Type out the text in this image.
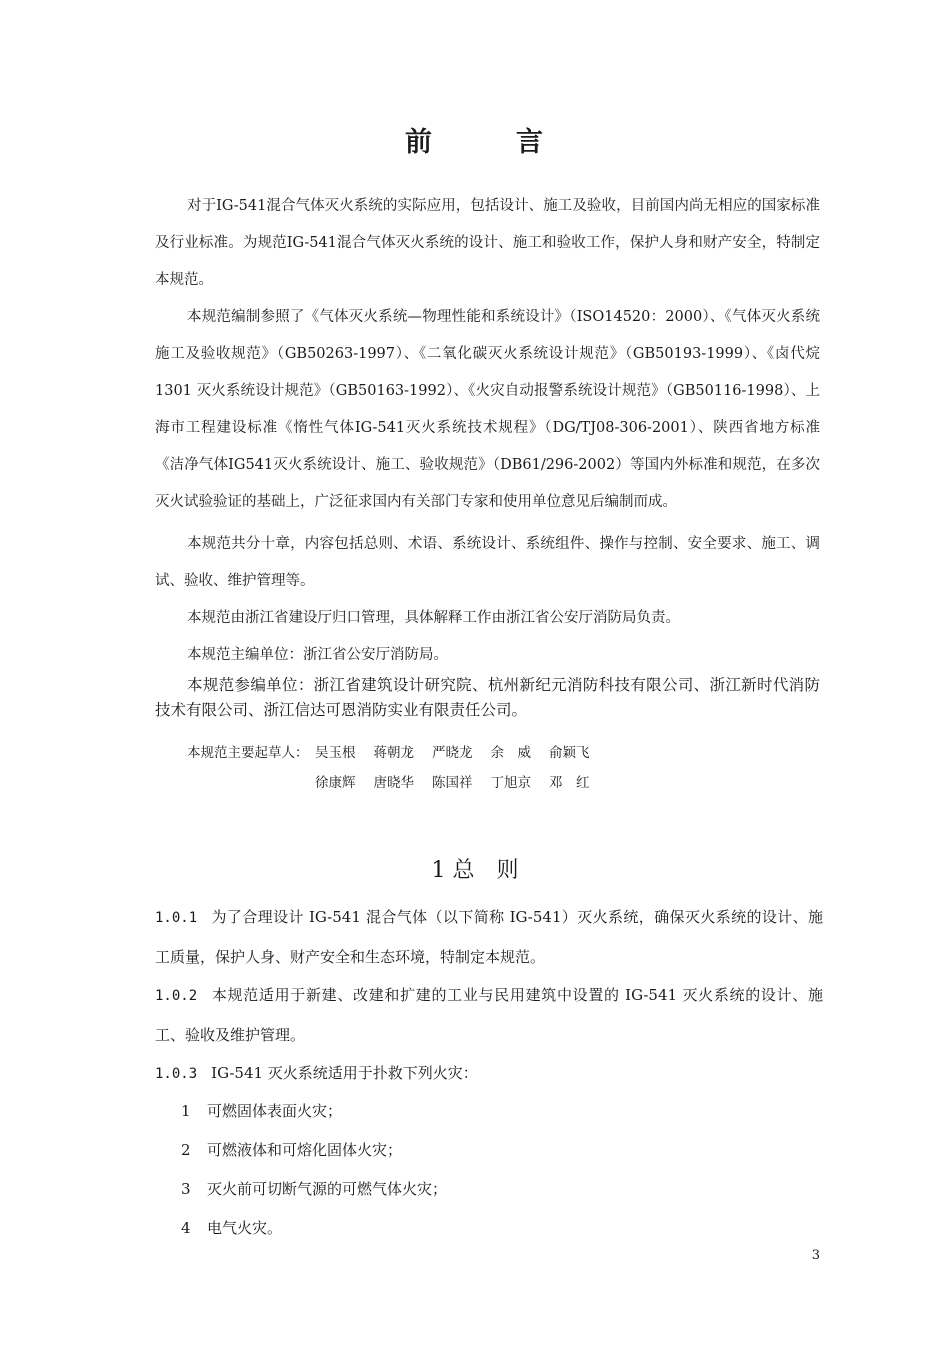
前	言
对于IG-541混合气体灭火系统的实际应用，包括设计、施工及验收，目前国内尚无相应的国家标准及行业标准。为规范IG-541混合气体灭火系统的设计、施工和验收工作，保护人身和财产安全，特制定本规范。
本规范编制参照了《气体灭火系统—物理性能和系统设计》（ISO14520：2000）、《气体灭火系统施工及验收规范》（GB50263-1997）、《二氧化碳灭火系统设计规范》（GB50193-1999）、《卤代烷 1301 灭火系统设计规范》（GB50163-1992）、《火灾自动报警系统设计规范》（GB50116-1998）、上海市工程建设标准《惰性气体IG-541灭火系统技术规程》（DG/TJ08-306-2001）、陕西省地方标准《洁净气体IG541灭火系统设计、施工、验收规范》（DB61/296-2002）等国内外标准和规范，在多次灭火试验验证的基础上，广泛征求国内有关部门专家和使用单位意见后编制而成。
本规范共分十章，内容包括总则、术语、系统设计、系统组件、操作与控制、安全要求、施工、调试、验收、维护管理等。
本规范由浙江省建设厅归口管理，具体解释工作由浙江省公安厅消防局负责。
本规范主编单位：浙江省公安厅消防局。
本规范参编单位：浙江省建筑设计研究院、杭州新纪元消防科技有限公司、浙江新时代消防技术有限公司、浙江信达可恩消防实业有限责任公司。
本规范主要起草人： 吴玉根 蒋朝龙 严晓龙 余　威 俞颖飞
徐康辉 唐晓华 陈国祥 丁旭京 邓　红
1 总　则
1.0.1 为了合理设计 IG-541 混合气体（以下简称 IG-541）灭火系统，确保灭火系统的设计、施工质量，保护人身、财产安全和生态环境，特制定本规范。
1.0.2 本规范适用于新建、改建和扩建的工业与民用建筑中设置的 IG-541 灭火系统的设计、施工、验收及维护管理。
1.0.3 IG-541 灭火系统适用于扑救下列火灾：
1 可燃固体表面火灾；
2 可燃液体和可熔化固体火灾；
3 灭火前可切断气源的可燃气体火灾；
4 电气火灾。
3
